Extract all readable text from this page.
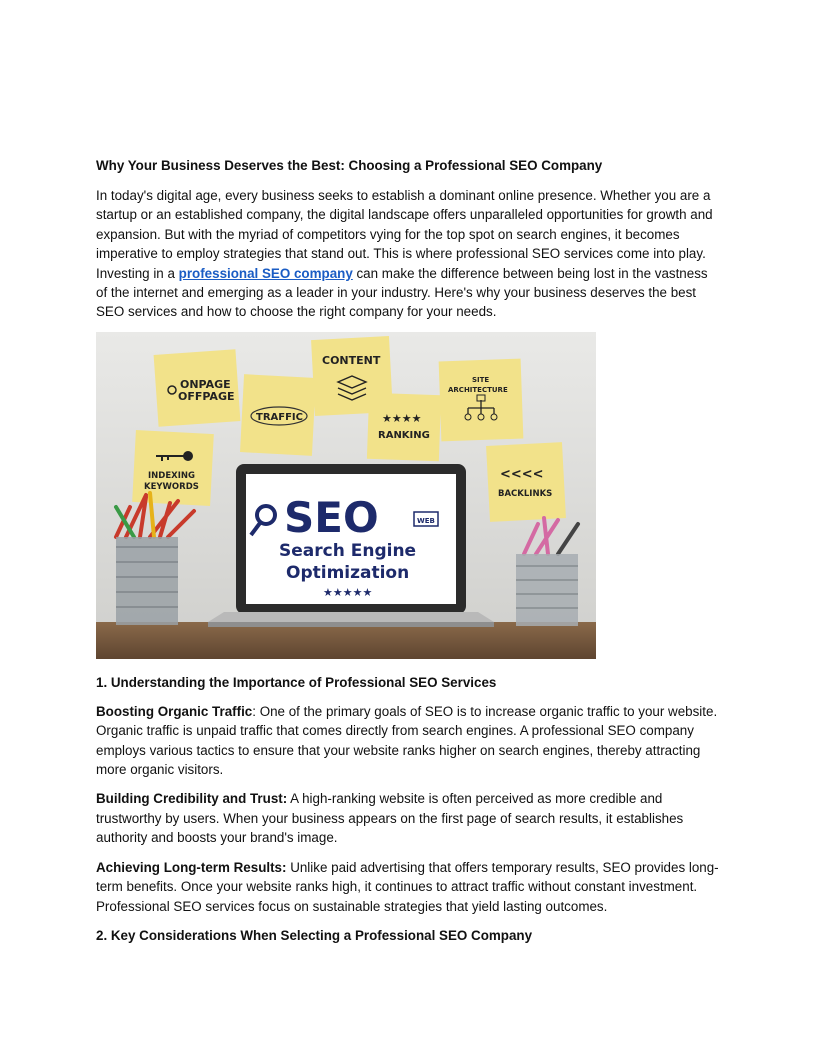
Why Your Business Deserves the Best: Choosing a Professional SEO Company

In today's digital age, every business seeks to establish a dominant online presence. Whether you are a startup or an established company, the digital landscape offers unparalleled opportunities for growth and expansion. But with the myriad of competitors vying for the top spot on search engines, it becomes imperative to employ strategies that stand out. This is where professional SEO services come into play. Investing in a professional SEO company can make the difference between being lost in the vastness of the internet and emerging as a leader in your industry. Here's why your business deserves the best SEO services and how to choose the right company for your needs.

ONPAGE
OFFPAGE
TRAFFIC
CONTENT
★★★★
RANKING
SITE
ARCHITECTURE
INDEXING
KEYWORDS
<<<<
BACKLINKS
SEO	WEB
Search Engine
Optimization
★★★★★
1. Understanding the Importance of Professional SEO Services

Boosting Organic Traffic: One of the primary goals of SEO is to increase organic traffic to your website. Organic traffic is unpaid traffic that comes directly from search engines. A professional SEO company employs various tactics to ensure that your website ranks higher on search engines, thereby attracting more organic visitors.

Building Credibility and Trust: A high-ranking website is often perceived as more credible and trustworthy by users. When your business appears on the first page of search results, it establishes authority and boosts your brand's image.

Achieving Long-term Results: Unlike paid advertising that offers temporary results, SEO provides long-term benefits. Once your website ranks high, it continues to attract traffic without constant investment. Professional SEO services focus on sustainable strategies that yield lasting outcomes.

2. Key Considerations When Selecting a Professional SEO Company
